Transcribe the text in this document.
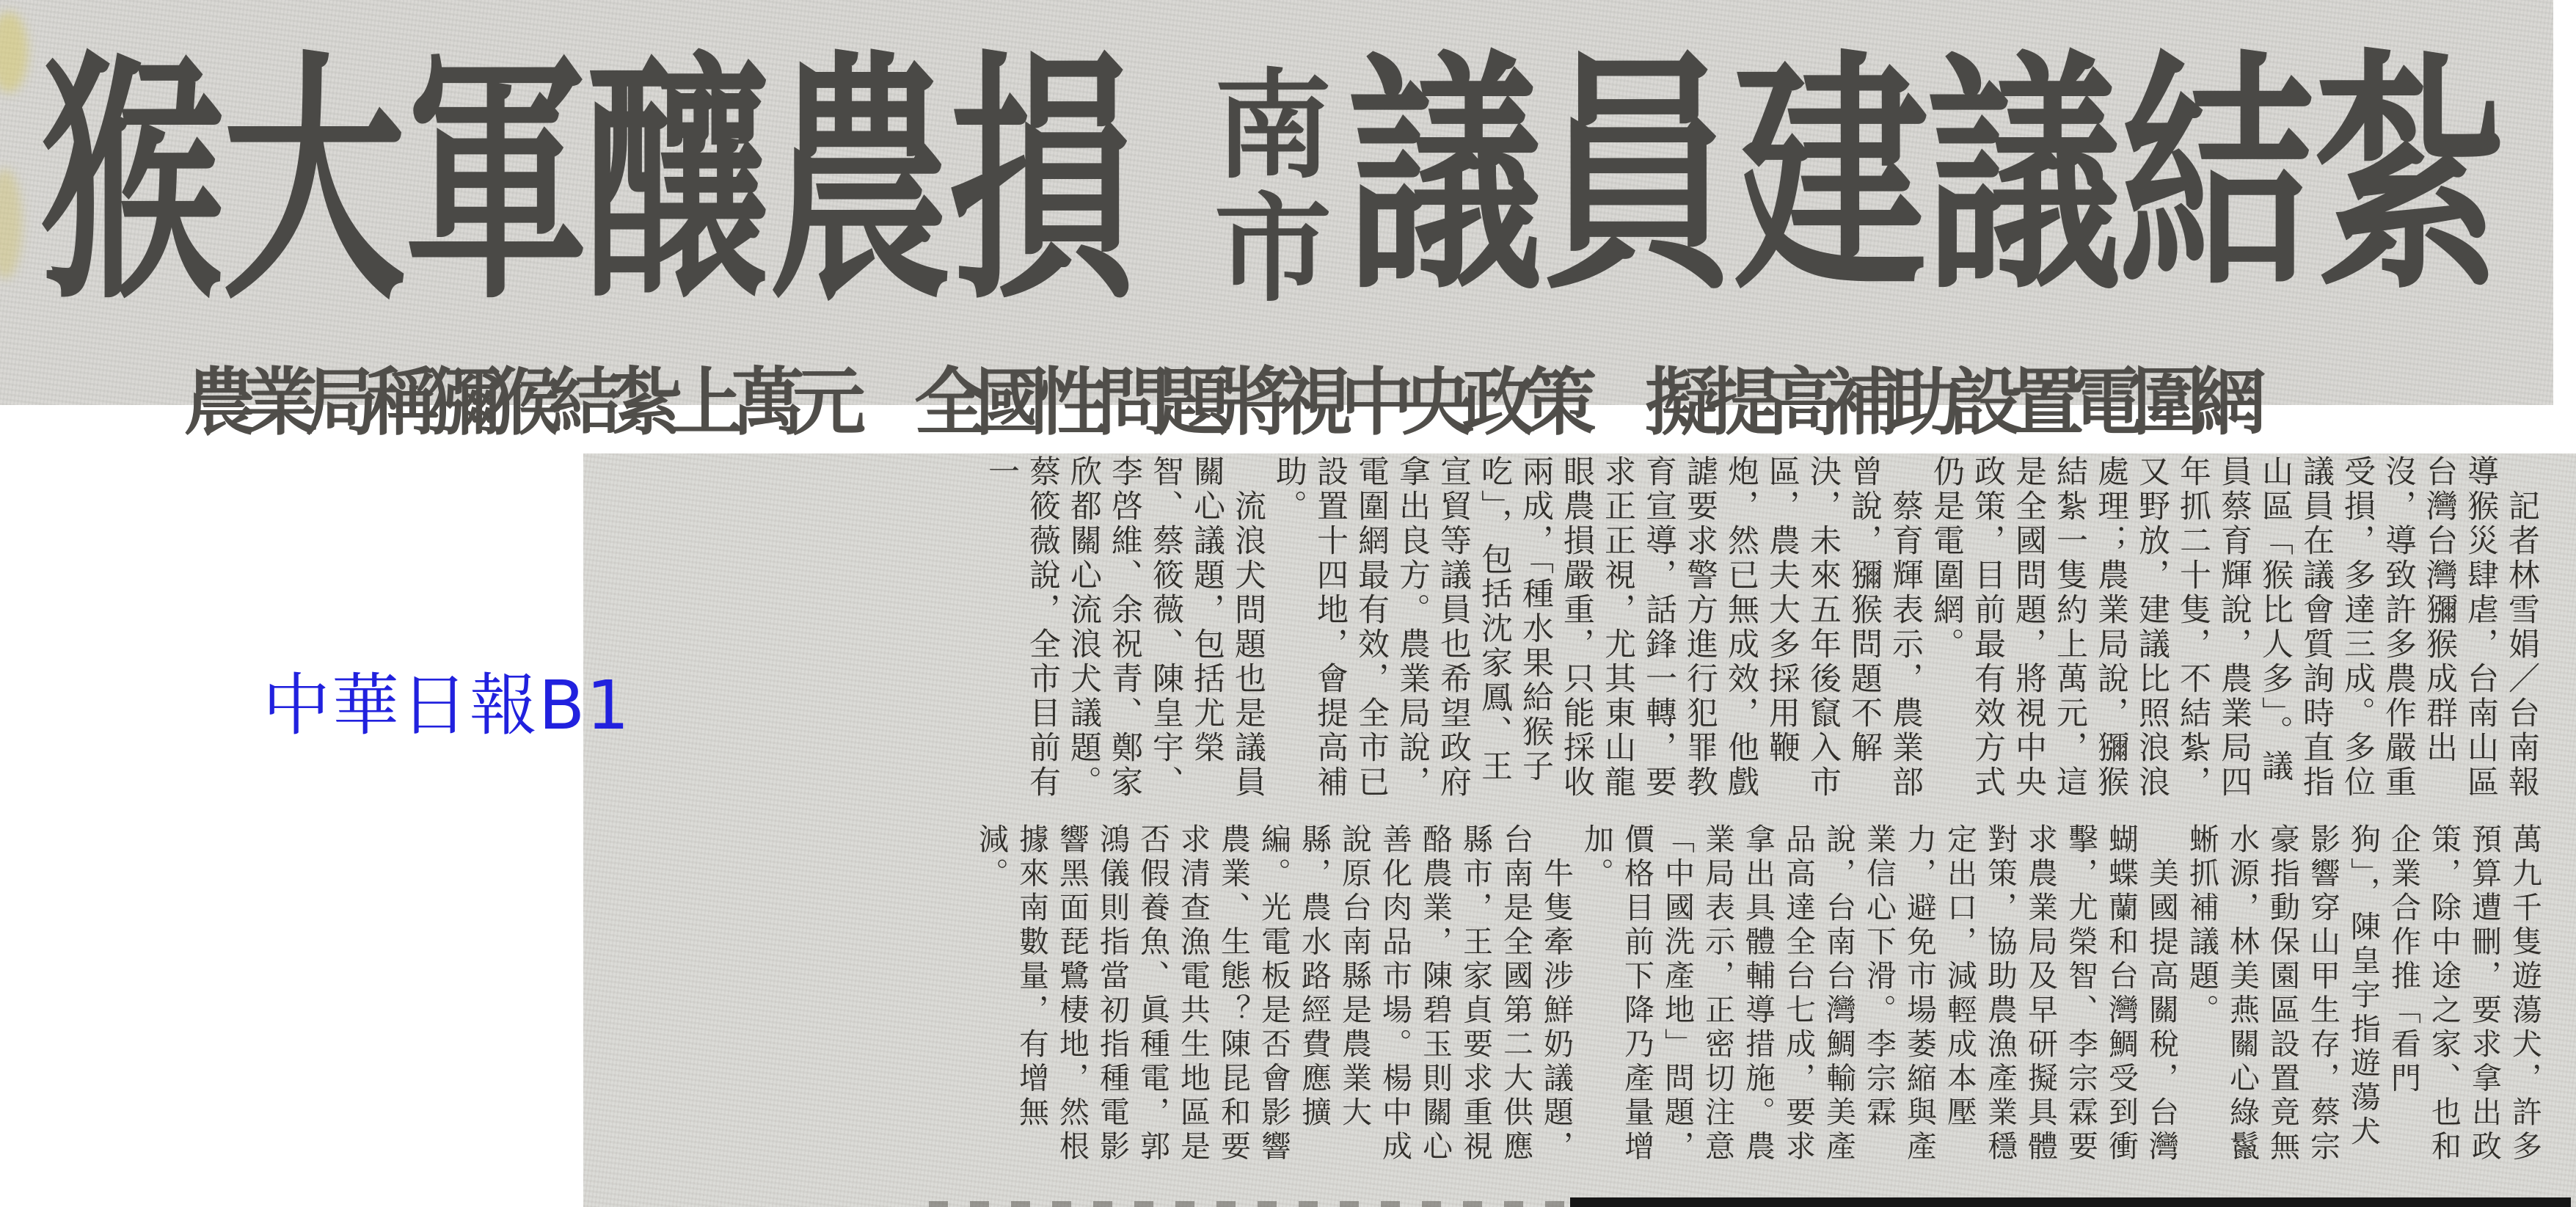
猴大軍釀農損 南
市 議員建議結紮
農業局稱獼猴結紮上萬元　全國性問題將視中央政策　擬提高補助設置電圍網

　記者林雪娟／台南報導猴災肆虐，台南山區台灣台灣獼猴成群出沒，導致許多農作嚴重受損，多達三成。多位議員在議會質詢時直指山區「猴比人多」。議員蔡育輝說，農業局四年抓二十隻，不結紮，又野放，建議比照浪浪處理；農業局說，獼猴結紮一隻約上萬元，這是全國問題，將視中央政策，目前最有效方式仍是電圍網。

　蔡育輝表示，農業部曾說，獼猴問題不解決，未來五年後竄入市區，農夫大多採用鞭炮，然已無成效，他戲謔要求警方進行犯罪教育宣導，話鋒一轉，要求正正視，尤其東山龍眼農損嚴重，只能採收兩成，「種水果給猴子吃」，包括沈家鳳、王宣貿等議員也希望政府拿出良方。農業局說，電圍網最有效，全市已設置十四地，會提高補助。

　流浪犬問題也是議員關心議題，包括尤榮智、蔡筱薇、陳皇宇、李啓維、余祝青、鄭家欣都關心流浪犬議題。蔡筱薇說，全市目前有一

萬九千隻遊蕩犬，許多預算遭刪，要求拿出政策，除中途之家、也和企業合作推「看門狗」，陳皇宇指遊蕩犬影響穿山甲生存，蔡宗豪指動保園區設置竟無水源，林美燕關心綠鬣蜥抓補議題。

　美國提高關稅，台灣蝴蝶蘭和台灣鯛受到衝擊，尤榮智、李宗霖要求農業局及早研擬具體對策，協助農漁產業穩定出口，減輕成本壓力，避免市場萎縮與產業信心下滑。李宗霖說，台南台灣鯛輸美產品高達全台七成，要求拿出具體輔導措施。農業局表示，正密切注意「中國洗產地」問題，價格目前下降乃產量增加。

　牛隻牽涉鮮奶議題，台南是全國第二大供應縣市，王家貞要求重視酪農業，陳碧玉則關心善化肉品市場。楊中成說原台南縣是農業大縣，農水路經費應擴編。光電板是否會影響農業、生態？陳昆和要求清查漁電共生地區是否假養魚、眞種電，郭鴻儀則指當初指種電影響黑面琵鷺棲地，然根據來南數量，有增無減。

中華日報B1
